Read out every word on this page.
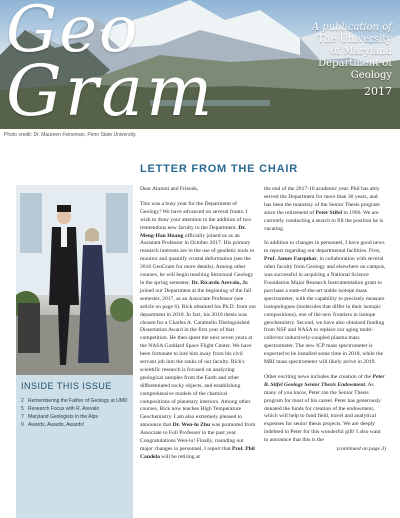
Geo
Gram
A publication of
The University
of Maryland
Department of
Geology
2017
Photo credit: Dr. Maureen Feineman, Penn State University.
INSIDE THIS ISSUE
2 Remembering the Father of Geology at UMD
5 Research Focus with R. Arevalo
7 Maryland Geologists in the Alps
9 Awards, Awards, Awards!
LETTER FROM THE CHAIR

Dear Alumni and Friends,

This was a busy year for the Department of Geology! We have advanced on several fronts. I wish to draw your attention to the addition of two tremendous new faculty to the Department. Dr. Meng-Han Huang officially joined us as an Assistant Professor in October 2017. His primary research interests are in the use of geodetic tools to monitor and quantify crustal deformation (see the 2016 GeoGram for more details). Among other courses, he will begin teaching Structural Geology in the spring semester. Dr. Ricardo Arevalo, Jr. joined our Department at the beginning of the fall semester, 2017, as an Associate Professor (see article on page 6). Rick obtained his Ph.D. from our department in 2010. In fact, his 2010 thesis was chosen for a Charles A. Caramello Distinguished Dissertation Award in the first year of that competition. He then spent the next seven years at the NASA Goddard Space Flight Center. We have been fortunate to lure him away from his civil servant job into the ranks of our faculty. Rick's scientific research is focused on analyzing geological samples from the Earth and other differentiated rocky objects, and establishing comprehensive models of the chemical compositions of planetary interiors. Among other courses, Rick now teaches High Temperature Geochemistry. I am also extremely pleased to announce that Dr. Wen-lu Zhu was promoted from Associate to Full Professor in the past year. Congratulations Wen-lu! Finally, rounding out major changes in personnel, I report that Prof. Phil Candela will be retiring at

the end of the 2017-18 academic year. Phil has ably served the Department for more than 30 years, and has been the mainstay of the Senior Thesis program since the retirement of Peter Stifel in 1996. We are currently conducting a search to fill the position he is vacating.

In addition to changes in personnel, I have good news to report regarding our departmental facilities. First, Prof. James Farquhar, in collaboration with several other faculty from Geology and elsewhere on campus, was successful in acquiring a National Science Foundation Major Research Instrumentation grant to purchase a state-of-the-art stable isotope mass spectrometer, with the capability to precisely measure isotopologues (molecules that differ in their isotopic compositions), one of the new frontiers in isotope geochemistry. Second, we have also obtained funding from NSF and NASA to replace our aging multi-collector inductively-coupled plasma mass spectrometer. The new ICP mass spectrometer is expected to be installed some time in 2018, while the MRI mass spectrometer will likely arrive in 2019.

Other exciting news includes the creation of the Peter B. Stifel Geology Senior Thesis Endowment. As many of you know, Peter ran the Senior Thesis program for most of his career. Peter has generously donated the funds for creation of the endowment, which will help to fund field, travel and analytical expenses for senior thesis projects. We are deeply indebted to Peter for this wonderful gift! I also want to announce that this is the

(continued on page 3)
